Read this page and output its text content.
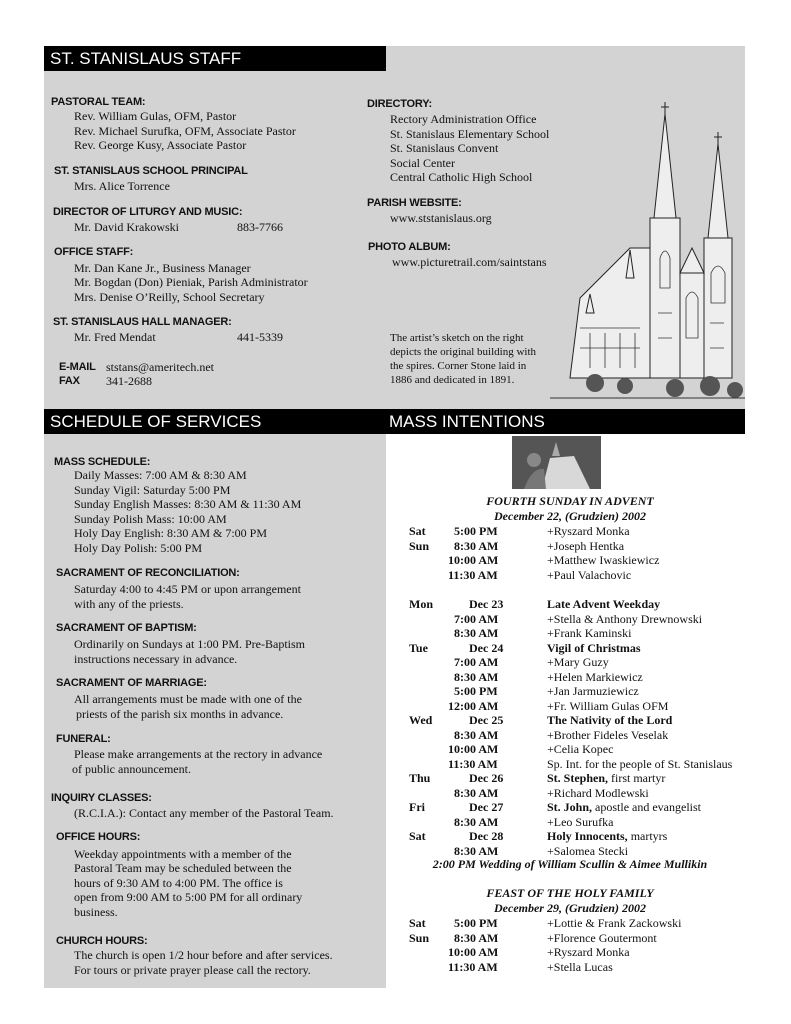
ST. STANISLAUS STAFF
SCHEDULE OF SERVICES	MASS INTENTIONS
PASTORAL TEAM:
Rev. William Gulas, OFM, Pastor
Rev. Michael Surufka, OFM, Associate Pastor
Rev. George Kusy, Associate Pastor
ST. STANISLAUS SCHOOL PRINCIPAL
Mrs. Alice Torrence
DIRECTOR OF LITURGY AND MUSIC:
Mr. David Krakowski	883-7766
OFFICE STAFF:
Mr. Dan Kane Jr., Business Manager
Mr. Bogdan (Don) Pieniak, Parish Administrator
Mrs. Denise O’Reilly, School Secretary
ST. STANISLAUS HALL MANAGER:
Mr. Fred Mendat	441-5339
E-MAIL ststans@ameritech.net
FAX 341-2688
DIRECTORY:
Rectory Administration Office
St. Stanislaus Elementary School
St. Stanislaus Convent
Social Center
Central Catholic High School
PARISH WEBSITE:
www.ststanislaus.org
PHOTO ALBUM:
www.picturetrail.com/saintstans
The artist’s sketch on the right depicts the original building with the spires. Corner Stone laid in 1886 and dedicated in 1891.
MASS SCHEDULE:
Daily Masses: 7:00 AM & 8:30 AM
Sunday Vigil: Saturday 5:00 PM
Sunday English Masses: 8:30 AM & 11:30 AM
Sunday Polish Mass: 10:00 AM
Holy Day English: 8:30 AM & 7:00 PM
Holy Day Polish: 5:00 PM
SACRAMENT OF RECONCILIATION:
Saturday 4:00 to 4:45 PM or upon arrangement
with any of the priests.
SACRAMENT OF BAPTISM:
Ordinarily on Sundays at 1:00 PM. Pre-Baptism
instructions necessary in advance.
SACRAMENT OF MARRIAGE:
All arrangements must be made with one of the
priests of the parish six months in advance.
FUNERAL:
Please make arrangements at the rectory in advance
of public announcement.
INQUIRY CLASSES:
(R.C.I.A.): Contact any member of the Pastoral Team.
OFFICE HOURS:
Weekday appointments with a member of the
Pastoral Team may be scheduled between the
hours of 9:30 AM to 4:00 PM. The office is
open from 9:00 AM to 5:00 PM for all ordinary
business.
CHURCH HOURS:
The church is open 1/2 hour before and after services.
For tours or private prayer please call the rectory.
FOURTH SUNDAY IN ADVENT
December 22, (Grudzien) 2002
Sat 5:00 PM	+Ryszard Monka
Sun 8:30 AM	+Joseph Hentka
10:00 AM	+Matthew Iwaskiewicz
11:30 AM	+Paul Valachovic
Mon	Dec 23	Late Advent Weekday
7:00 AM	+Stella & Anthony Drewnowski
8:30 AM	+Frank Kaminski
Tue	Dec 24	Vigil of Christmas
7:00 AM	+Mary Guzy
8:30 AM	+Helen Markiewicz
5:00 PM	+Jan Jarmuziewicz
12:00 AM	+Fr. William Gulas OFM
Wed	Dec 25	The Nativity of the Lord
8:30 AM	+Brother Fideles Veselak
10:00 AM	+Celia Kopec
11:30 AM	Sp. Int. for the people of St. Stanislaus
Thu	Dec 26	St. Stephen, first martyr
8:30 AM	+Richard Modlewski
Fri	Dec 27	St. John, apostle and evangelist
8:30 AM	+Leo Surufka
Sat	Dec 28	Holy Innocents, martyrs
8:30 AM	+Salomea Stecki
2:00 PM Wedding of William Scullin & Aimee Mullikin
FEAST OF THE HOLY FAMILY
December 29, (Grudzien) 2002
Sat 5:00 PM	+Lottie & Frank Zackowski
Sun 8:30 AM	+Florence Goutermont
10:00 AM	+Ryszard Monka
11:30 AM	+Stella Lucas
